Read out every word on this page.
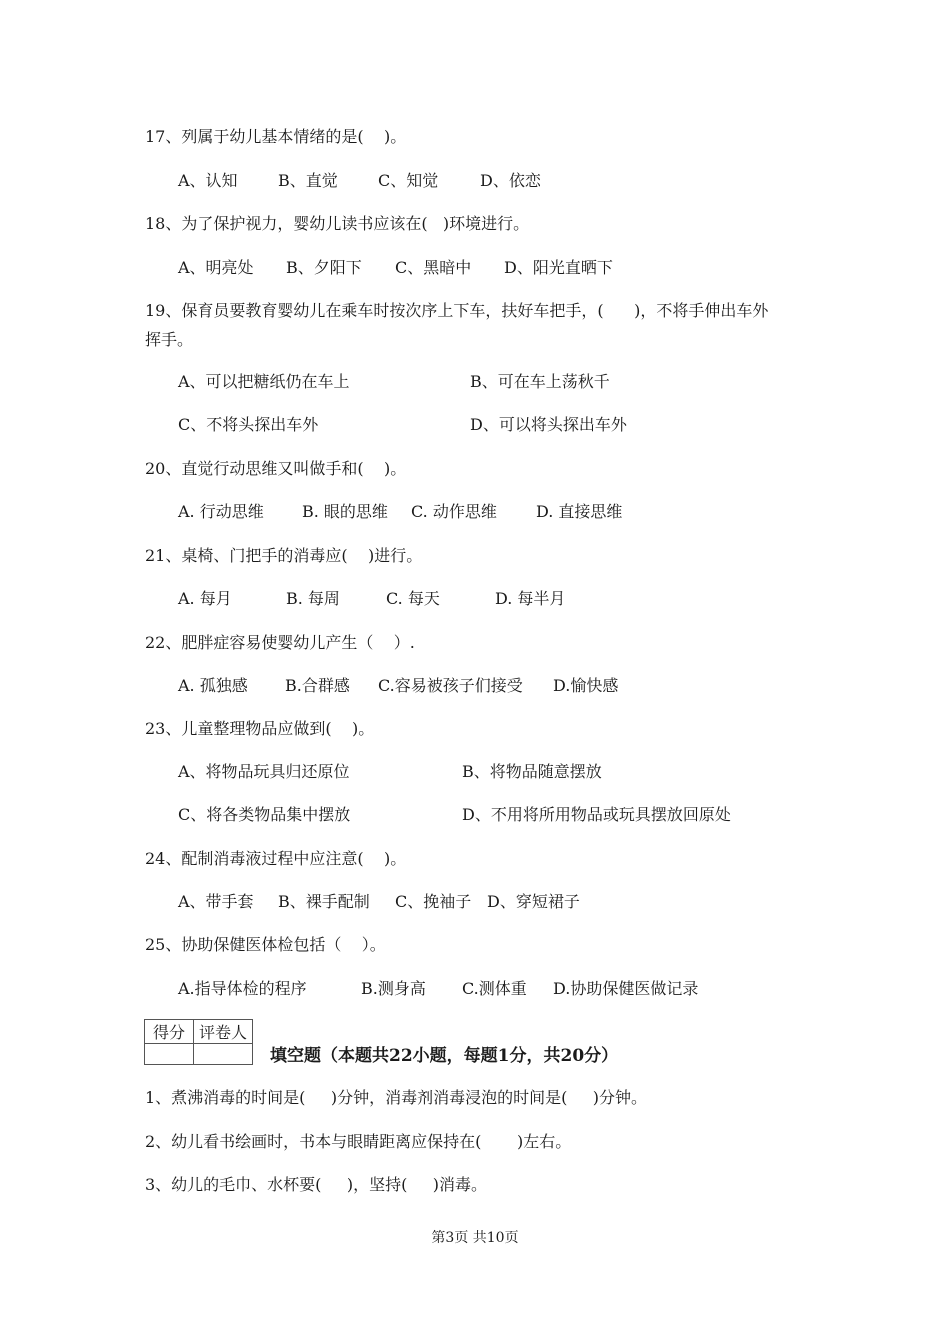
17、列属于幼儿基本情绪的是(    )。
A、认知	B、直觉	C、知觉	D、依恋
18、为了保护视力，婴幼儿读书应该在(   )环境进行。
A、明亮处 B、夕阳下 C、黑暗中 D、阳光直晒下
19、保育员要教育婴幼儿在乘车时按次序上下车，扶好车把手，(      )，不将手伸出车外
挥手。
A、可以把糖纸仍在车上	B、可在车上荡秋千
C、不将头探出车外	D、可以将头探出车外
20、直觉行动思维又叫做手和(    )。
A. 行动思维 B. 眼的思维 C. 动作思维 D. 直接思维
21、桌椅、门把手的消毒应(    )进行。
A. 每月	B. 每周	C. 每天	D. 每半月
22、肥胖症容易使婴幼儿产生（    ）.
A. 孤独感 B.合群感 C.容易被孩子们接受 D.愉快感
23、儿童整理物品应做到(    )。
A、将物品玩具归还原位	B、将物品随意摆放
C、将各类物品集中摆放	D、不用将所用物品或玩具摆放回原处
24、配制消毒液过程中应注意(    )。
A、带手套 B、裸手配制 C、挽袖子 D、穿短裙子
25、协助保健医体检包括（    ）。
A.指导体检的程序	B.测身高 C.测体重 D.协助保健医做记录
得分	评卷人

填空题（本题共22小题，每题1分，共20分）
1、煮沸消毒的时间是(     )分钟，消毒剂消毒浸泡的时间是(     )分钟。
2、幼儿看书绘画时，书本与眼睛距离应保持在(       )左右。
3、幼儿的毛巾、水杯要(     )，坚持(     )消毒。
第3页 共10页
